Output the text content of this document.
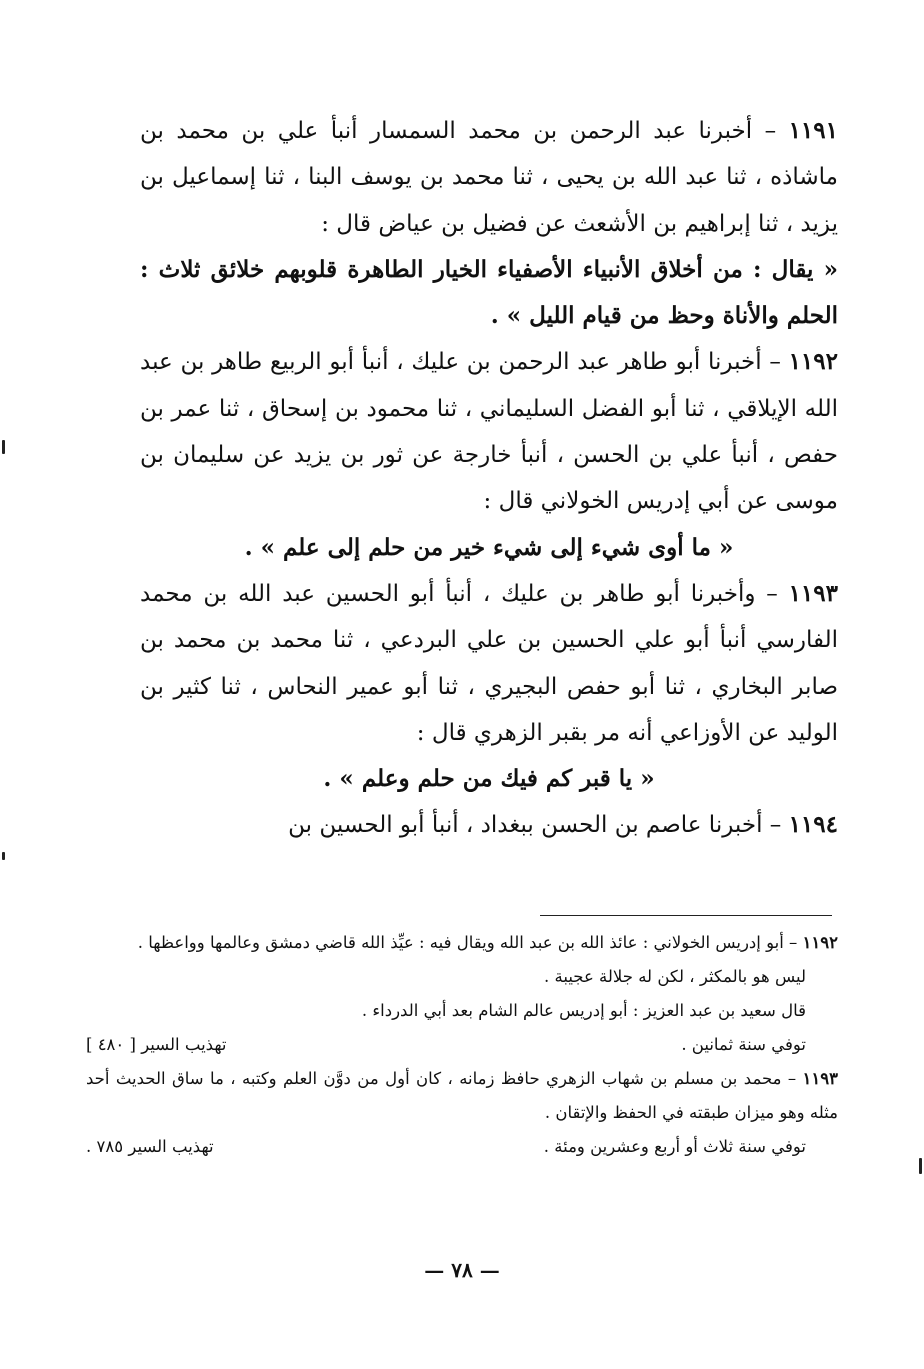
١١٩١ – أخبرنا عبد الرحمن بن محمد السمسار أنبأ علي بن محمد بن ماشاذه ، ثنا عبد الله بن يحيى ، ثنا محمد بن يوسف البنا ، ثنا إسماعيل بن يزيد ، ثنا إبراهيم بن الأشعث عن فضيل بن عياض قال :

« يقال : من أخلاق الأنبياء الأصفياء الخيار الطاهرة قلوبهم خلائق ثلاث : الحلم والأناة وحظ من قيام الليل » .

١١٩٢ – أخبرنا أبو طاهر عبد الرحمن بن عليك ، أنبأ أبو الربيع طاهر بن عبد الله الإيلاقي ، ثنا أبو الفضل السليماني ، ثنا محمود بن إسحاق ، ثنا عمر بن حفص ، أنبأ علي بن الحسن ، أنبأ خارجة عن ثور بن يزيد عن سليمان بن موسى عن أبي إدريس الخولاني قال :

« ما أوى شيء إلى شيء خير من حلم إلى علم » .

١١٩٣ – وأخبرنا أبو طاهر بن عليك ، أنبأ أبو الحسين عبد الله بن محمد الفارسي أنبأ أبو علي الحسين بن علي البردعي ، ثنا محمد بن محمد بن صابر البخاري ، ثنا أبو حفص البجيري ، ثنا أبو عمير النحاس ، ثنا كثير بن الوليد عن الأوزاعي أنه مر بقبر الزهري قال :

« يا قبر كم فيك من حلم وعلم » .

١١٩٤ – أخبرنا عاصم بن الحسن ببغداد ، أنبأ أبو الحسين بن

١١٩٢ – أبو إدريس الخولاني : عائذ الله بن عبد الله ويقال فيه : عيِّذ الله قاضي دمشق وعالمها وواعظها .

ليس هو بالمكثر ، لكن له جلالة عجيبة .

قال سعيد بن عبد العزيز : أبو إدريس عالم الشام بعد أبي الدرداء .

توفي سنة ثمانين .
تهذيب السير [ ٤٨٠ ]

١١٩٣ – محمد بن مسلم بن شهاب الزهري حافظ زمانه ، كان أول من دوَّن العلم وكتبه ، ما ساق الحديث أحد مثله وهو ميزان طبقته في الحفظ والإتقان .

توفي سنة ثلاث أو أربع وعشرين ومئة .
تهذيب السير ٧٨٥ .

— ٧٨ —
